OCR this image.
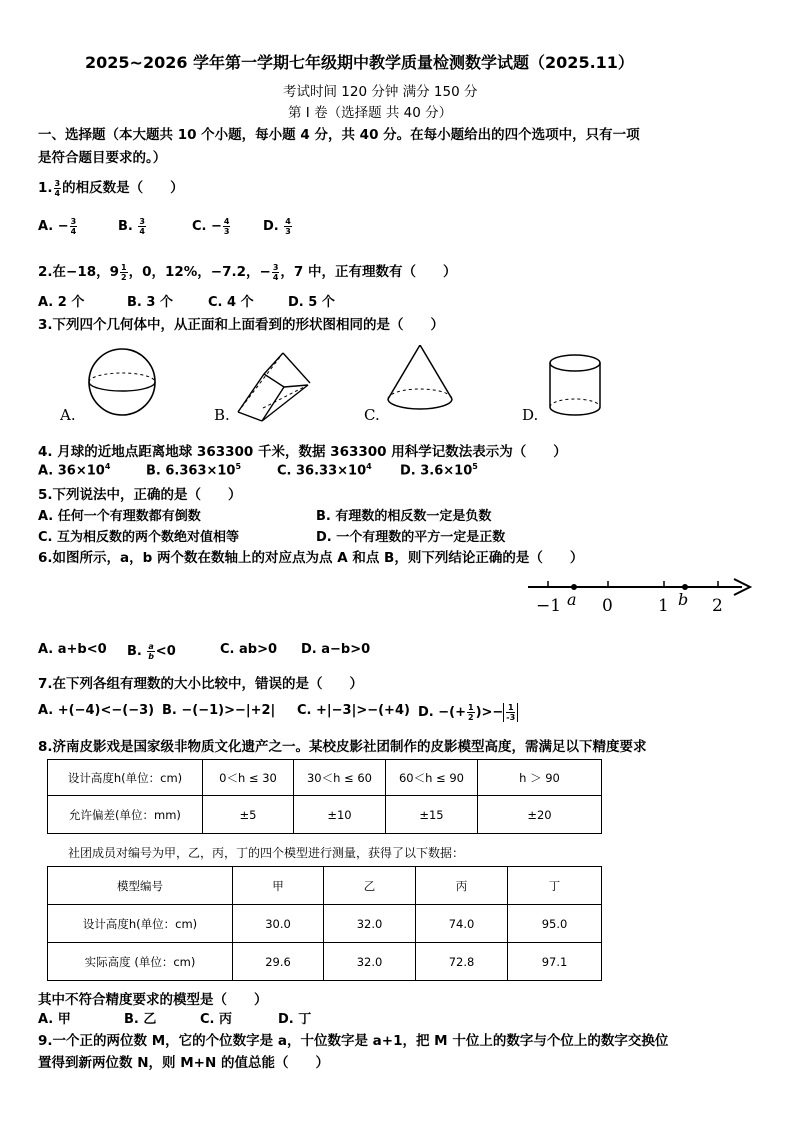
2025~2026 学年第一学期七年级期中教学质量检测数学试题（2025.11）
考试时间 120 分钟 满分 150 分
第 I 卷（选择题 共 40 分）
一、选择题（本大题共 10 个小题，每小题 4 分，共 40 分。在每小题给出的四个选项中，只有一项
是符合题目要求的。）
1. $\frac{3}{4}$ 的相反数是（　　）
A. − $\frac{3}{4}$	B. $\frac{3}{4}$	C. − $\frac{4}{3}$	D. $\frac{4}{3}$
2.在−18，$9 \frac{1}{2}$ ，0，12%，−7.2，− $\frac{3}{4}$ ，7 中，正有理数有（　　）
A. 2 个	B. 3 个	C. 4 个	D. 5 个
3.下列四个几何体中，从正面和上面看到的形状图相同的是（　　）
A.	B.	C.	D.
4. 月球的近地点距离地球 363300 千米，数据 363300 用科学记数法表示为（　　）
A. $36\times 10^4$	B. $6.363\times 10^5$	C. $36.33\times 10^4$ D. $3.6\times 10^5$
5.下列说法中，正确的是（　　）
A. 任何一个有理数都有倒数	B. 有理数的相反数一定是负数
C. 互为相反数的两个数绝对值相等	D. 一个有理数的平方一定是正数
6.如图所示，a，b 两个数在数轴上的对应点为点 A 和点 B，则下列结论正确的是（　　）
−1 0	1	2
a	b
A. a+b<0 B. $\frac{a}{b} <0$	C. ab>0 D. a−b>0
7.在下列各组有理数的大小比较中，错误的是（　　）
A. +(−4)<−(−3) B. −(−1)>−|+2| C. +|−3|>−(+4) D. −(+ $\frac{1}{2}$ )>− $\frac{1}{-3}$
8.济南皮影戏是国家级非物质文化遗产之一。某校皮影社团制作的皮影模型高度，需满足以下精度要求
设计高度h(单位：cm)	0＜h ≤ 30	30＜h ≤ 60	60＜h ≤ 90	h ＞ 90
允许偏差(单位：mm)	±5	±10	±15	±20
社团成员对编号为甲，乙，丙，丁的四个模型进行测量，获得了以下数据：
模型编号	甲	乙	丙	丁
设计高度h(单位：cm)	30.0	32.0	74.0	95.0
实际高度 (单位：cm)	29.6	32.0	72.8	97.1
其中不符合精度要求的模型是（　　）
A. 甲	B. 乙	C. 丙	D. 丁
9.一个正的两位数 M，它的个位数字是 a，十位数字是 a+1，把 M 十位上的数字与个位上的数字交换位
置得到新两位数 N，则 M+N 的值总能（　　）
